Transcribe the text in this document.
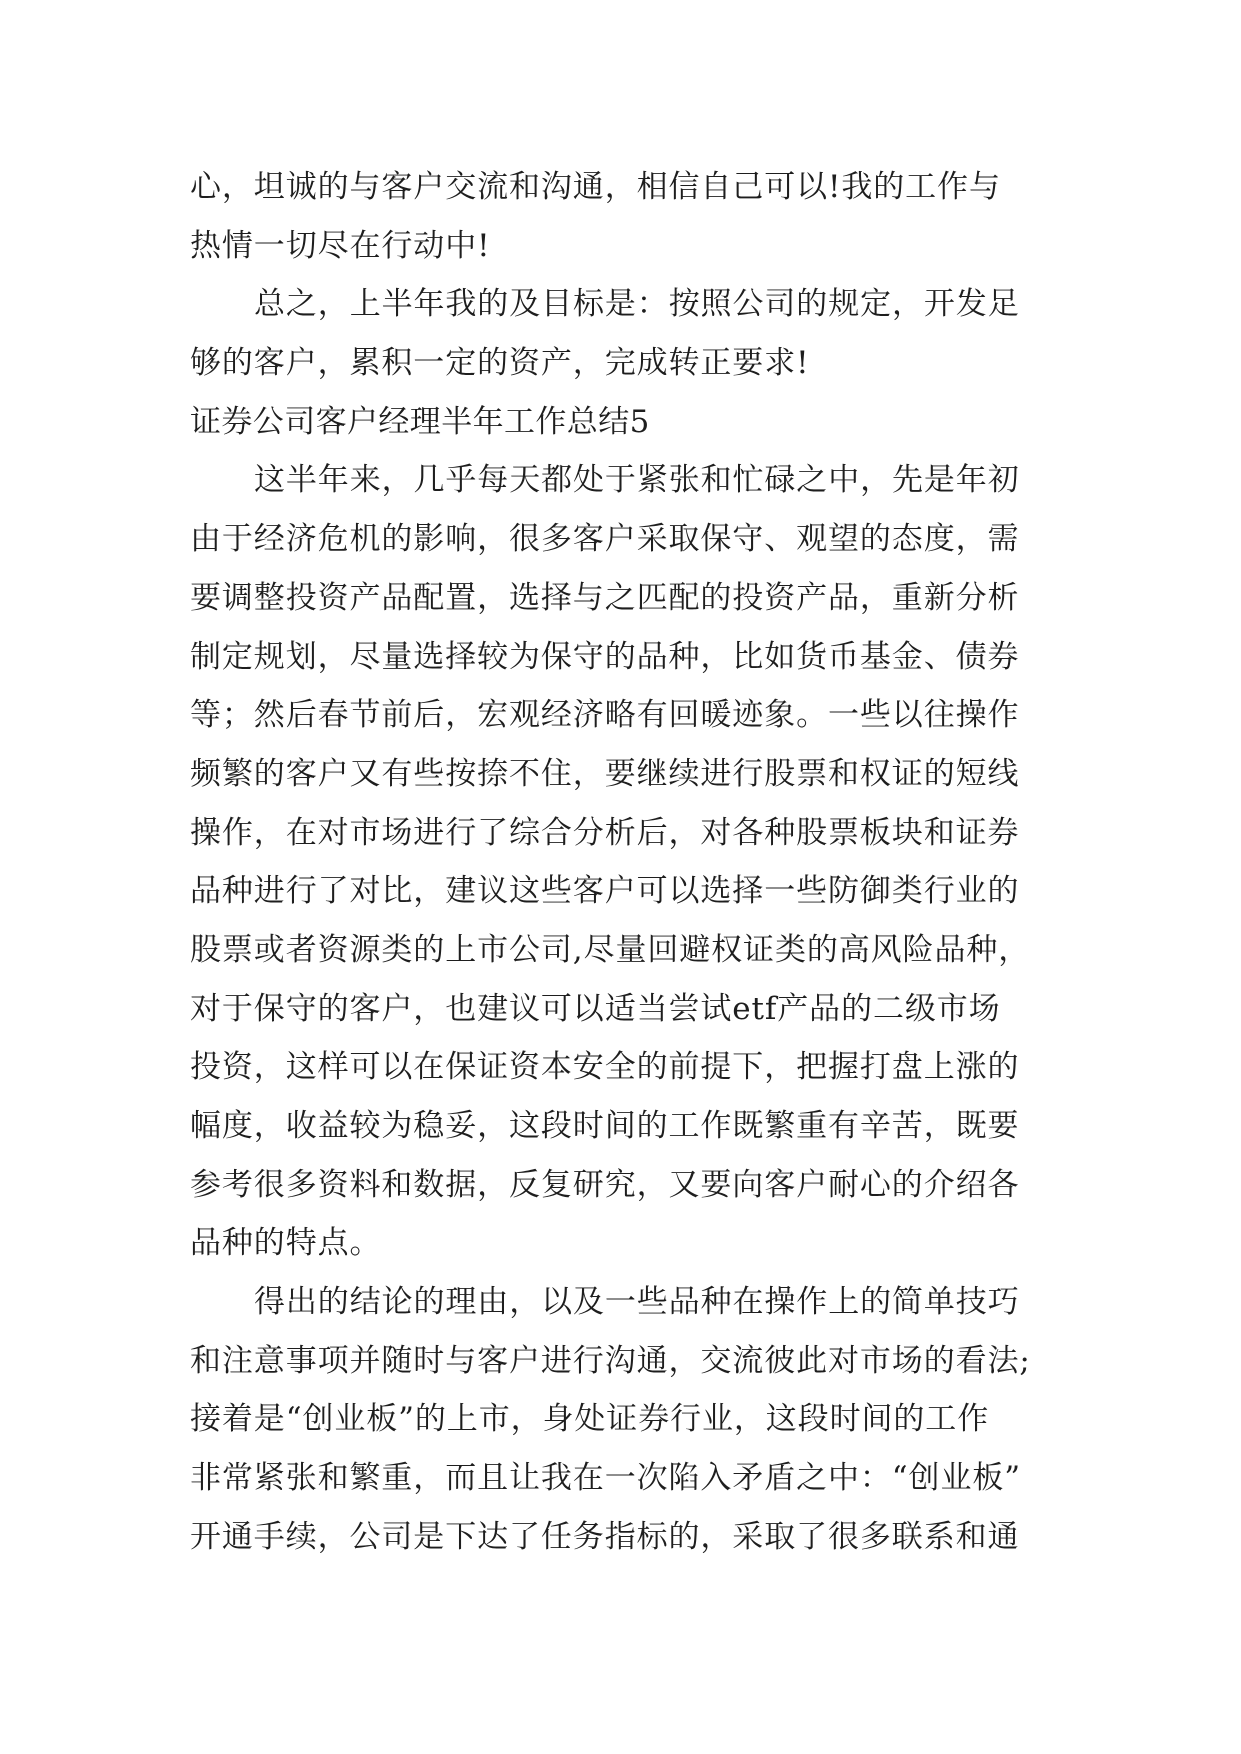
心，坦诚的与客户交流和沟通，相信自己可以!我的工作与
热情一切尽在行动中!
总之，上半年我的及目标是：按照公司的规定，开发足
够的客户，累积一定的资产，完成转正要求!
证券公司客户经理半年工作总结5
这半年来，几乎每天都处于紧张和忙碌之中，先是年初
由于经济危机的影响，很多客户采取保守、观望的态度，需
要调整投资产品配置，选择与之匹配的投资产品，重新分析
制定规划，尽量选择较为保守的品种，比如货币基金、债券
等；然后春节前后，宏观经济略有回暖迹象。一些以往操作
频繁的客户又有些按捺不住，要继续进行股票和权证的短线
操作，在对市场进行了综合分析后，对各种股票板块和证券
品种进行了对比，建议这些客户可以选择一些防御类行业的
股票或者资源类的上市公司,尽量回避权证类的高风险品种，
对于保守的客户，也建议可以适当尝试etf产品的二级市场
投资，这样可以在保证资本安全的前提下，把握打盘上涨的
幅度，收益较为稳妥，这段时间的工作既繁重有辛苦，既要
参考很多资料和数据，反复研究，又要向客户耐心的介绍各
品种的特点。
得出的结论的理由，以及一些品种在操作上的简单技巧
和注意事项并随时与客户进行沟通，交流彼此对市场的看法;
接着是“创业板”的上市，身处证券行业，这段时间的工作
非常紧张和繁重，而且让我在一次陷入矛盾之中：“创业板”
开通手续，公司是下达了任务指标的，采取了很多联系和通
